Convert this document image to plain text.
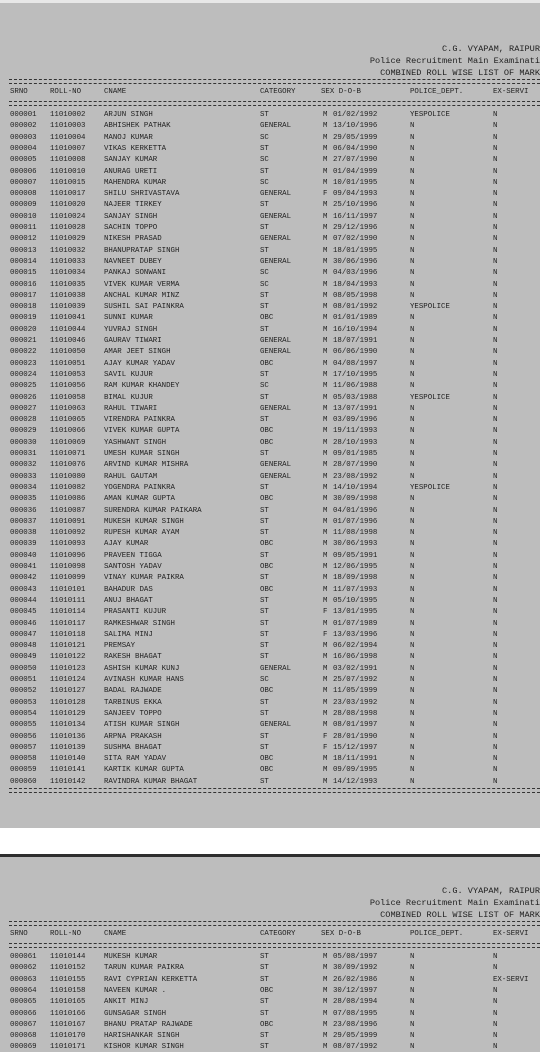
C.G. VYAPAM, RAIPUR
Police Recruitment Main Examinati
COMBINED ROLL WISE LIST OF MARK
SRNO	ROLL-NO	CNAME	CATEGORY	SEX D-O-B	POLICE_DEPT.	EX-SERVI
000001	11010002	ARJUN SINGH	ST	M 01/02/1992	YESPOLICE	N
000002	11010003	ABHISHEK PATHAK	GENERAL	M 13/10/1996	N	N
000003	11010004	MANOJ KUMAR	SC	M 29/05/1999	N	N
000004	11010007	VIKAS KERKETTA	ST	M 06/04/1990	N	N
000005	11010008	SANJAY KUMAR	SC	M 27/07/1990	N	N
000006	11010010	ANURAG URETI	ST	M 01/04/1999	N	N
000007	11010015	MAHENDRA KUMAR	SC	M 10/01/1995	N	N
000008	11010017	SHILU SHRIVASTAVA	GENERAL	F 09/04/1993	N	N
000009	11010020	NAJEER TIRKEY	ST	M 25/10/1996	N	N
000010	11010024	SANJAY SINGH	GENERAL	M 16/11/1997	N	N
000011	11010028	SACHIN TOPPO	ST	M 29/12/1996	N	N
000012	11010029	NIKESH PRASAD	GENERAL	M 07/02/1990	N	N
000013	11010032	BHANUPRATAP SINGH	ST	M 18/01/1995	N	N
000014	11010033	NAVNEET DUBEY	GENERAL	M 30/06/1996	N	N
000015	11010034	PANKAJ SONWANI	SC	M 04/03/1996	N	N
000016	11010035	VIVEK KUMAR VERMA	SC	M 18/04/1993	N	N
000017	11010038	ANCHAL KUMAR MINZ	ST	M 08/05/1998	N	N
000018	11010039	SUSHIL SAI PAINKRA	ST	M 08/01/1992	YESPOLICE	N
000019	11010041	SUNNI KUMAR	OBC	M 01/01/1989	N	N
000020	11010044	YUVRAJ SINGH	ST	M 16/10/1994	N	N
000021	11010046	GAURAV TIWARI	GENERAL	M 18/07/1991	N	N
000022	11010050	AMAR JEET SINGH	GENERAL	M 06/06/1990	N	N
000023	11010051	AJAY KUMAR YADAV	OBC	M 04/08/1997	N	N
000024	11010053	SAVIL KUJUR	ST	M 17/10/1995	N	N
000025	11010056	RAM KUMAR KHANDEY	SC	M 11/06/1988	N	N
000026	11010058	BIMAL KUJUR	ST	M 05/03/1988	YESPOLICE	N
000027	11010063	RAHUL TIWARI	GENERAL	M 13/07/1991	N	N
000028	11010065	VIRENDRA PAINKRA	ST	M 03/09/1996	N	N
000029	11010066	VIVEK KUMAR GUPTA	OBC	M 19/11/1993	N	N
000030	11010069	YASHWANT SINGH	OBC	M 28/10/1993	N	N
000031	11010071	UMESH KUMAR SINGH	ST	M 09/01/1985	N	N
000032	11010076	ARVIND KUMAR MISHRA	GENERAL	M 28/07/1990	N	N
000033	11010080	RAHUL GAUTAM	GENERAL	M 23/08/1992	N	N
000034	11010082	YOGENDRA PAINKRA	ST	M 14/10/1994	YESPOLICE	N
000035	11010086	AMAN KUMAR GUPTA	OBC	M 30/09/1998	N	N
000036	11010087	SURENDRA KUMAR PAIKARA	ST	M 04/01/1996	N	N
000037	11010091	MUKESH KUMAR SINGH	ST	M 01/07/1996	N	N
000038	11010092	RUPESH KUMAR AYAM	ST	M 11/08/1998	N	N
000039	11010093	AJAY KUMAR	OBC	M 30/06/1993	N	N
000040	11010096	PRAVEEN TIGGA	ST	M 09/05/1991	N	N
000041	11010098	SANTOSH YADAV	OBC	M 12/06/1995	N	N
000042	11010099	VINAY KUMAR PAIKRA	ST	M 18/09/1998	N	N
000043	11010101	BAHADUR DAS	OBC	M 11/07/1993	N	N
000044	11010111	ANUJ BHAGAT	ST	M 05/10/1995	N	N
000045	11010114	PRASANTI KUJUR	ST	F 13/01/1995	N	N
000046	11010117	RAMKESHWAR SINGH	ST	M 01/07/1989	N	N
000047	11010118	SALIMA MINJ	ST	F 13/03/1996	N	N
000048	11010121	PREMSAY	ST	M 06/02/1994	N	N
000049	11010122	RAKESH BHAGAT	ST	M 16/06/1998	N	N
000050	11010123	ASHISH KUMAR KUNJ	GENERAL	M 03/02/1991	N	N
000051	11010124	AVINASH KUMAR HANS	SC	M 25/07/1992	N	N
000052	11010127	BADAL RAJWADE	OBC	M 11/05/1999	N	N
000053	11010128	TARBINUS EKKA	ST	M 23/03/1992	N	N
000054	11010129	SANJEEV TOPPO	ST	M 28/08/1998	N	N
000055	11010134	ATISH KUMAR SINGH	GENERAL	M 08/01/1997	N	N
000056	11010136	ARPNA PRAKASH	ST	F 28/01/1990	N	N
000057	11010139	SUSHMA BHAGAT	ST	F 15/12/1997	N	N
000058	11010140	SITA RAM YADAV	OBC	M 18/11/1991	N	N
000059	11010141	KARTIK KUMAR GUPTA	OBC	M 09/09/1995	N	N
000060	11010142	RAVINDRA KUMAR BHAGAT	ST	M 14/12/1993	N	N
C.G. VYAPAM, RAIPUR
Police Recruitment Main Examinati
COMBINED ROLL WISE LIST OF MARK
SRNO	ROLL-NO	CNAME	CATEGORY	SEX D-O-B	POLICE_DEPT.	EX-SERVI
000061	11010144	MUKESH KUMAR	ST	M 05/08/1997	N	N
000062	11010152	TARUN KUMAR PAIKRA	ST	M 30/09/1992	N	N
000063	11010155	RAVI CYPRIAN KERKETTA	ST	M 26/02/1986	N	EX-SERVI
000064	11010158	NAVEEN KUMAR .	OBC	M 30/12/1997	N	N
000065	11010165	ANKIT MINJ	ST	M 28/08/1994	N	N
000066	11010166	GUNSAGAR SINGH	ST	M 07/08/1995	N	N
000067	11010167	BHANU PRATAP RAJWADE	OBC	M 23/08/1996	N	N
000068	11010170	HARISHANKAR SINGH	ST	M 29/05/1999	N	N
000069	11010171	KISHOR KUMAR SINGH	ST	M 08/07/1992	N	N
